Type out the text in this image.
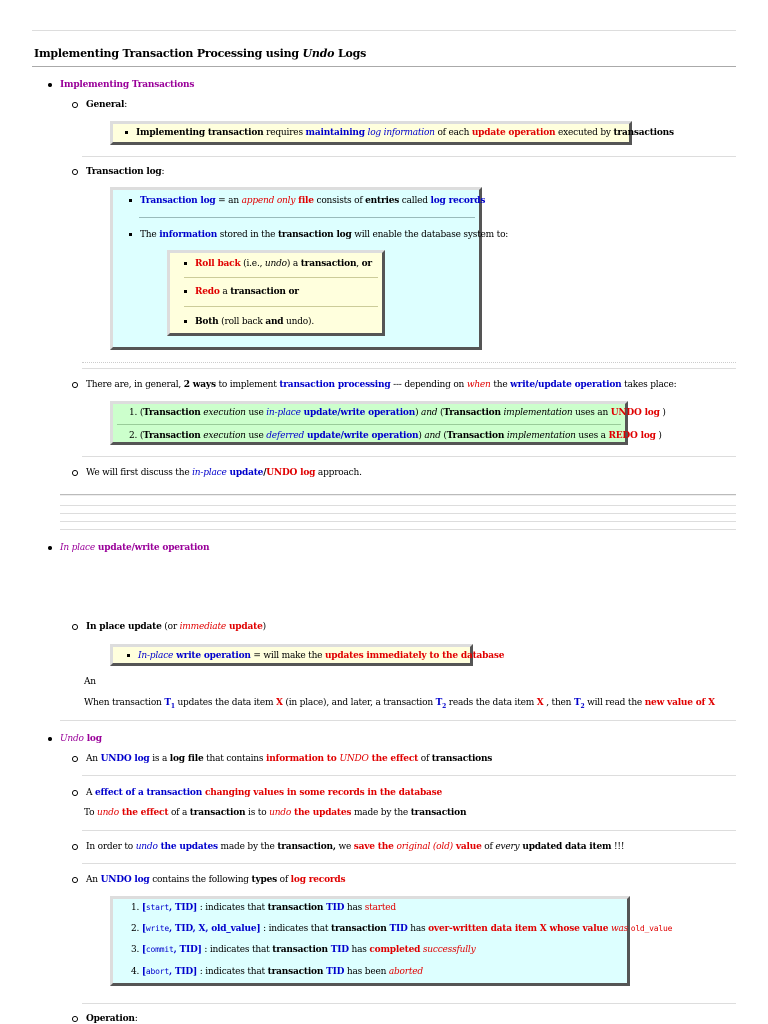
Implementing Transaction Processing using Undo Logs
Implementing Transactions
General:
Implementing transaction requires maintaining log information of each update operation executed by transactions
Transaction log:
Transaction log = an append only file consists of entries called log records
The information stored in the transaction log will enable the database system to:
Roll back (i.e., undo) a transaction, or
Redo a transaction or
Both (roll back and undo).
There are, in general, 2 ways to implement transaction processing --- depending on when the write/update operation takes place:
1. (Transaction execution use in-place update/write operation) and (Transaction implementation uses an UNDO log )
2. (Transaction execution use deferred update/write operation) and (Transaction implementation uses a REDO log )
We will first discuss the in-place update/UNDO log approach.
In place update/write operation
In place update (or immediate update)
In-place write operation = will make the updates immediately to the database
An
When transaction $T_1$ updates the data item X (in place), and later, a transaction $T_2$ reads the data item X , then $T_2$ will read the new value of X
Undo log
An UNDO log is a log file that contains information to UNDO the effect of transactions
A effect of a transaction changing values in some records in the database
To undo the effect of a transaction is to undo the updates made by the transaction
In order to undo the updates made by the transaction, we save the original (old) value of every updated data item !!!
An UNDO log contains the following types of log records
1. [start, TID] : indicates that transaction TID has started
2. [write, TID, X, old_value] : indicates that transaction TID has over-written data item X whose value was old_value
3. [commit, TID] : indicates that transaction TID has completed successfully
4. [abort, TID] : indicates that transaction TID has been aborted
Operation:
